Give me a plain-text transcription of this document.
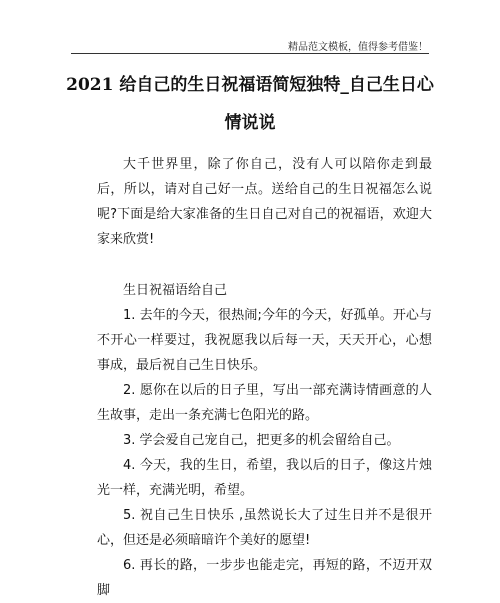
精品范文模板，值得参考借鉴！
2021 给自己的生日祝福语简短独特_自己生日心情说说

大千世界里，除了你自己，没有人可以陪你走到最后，所以，请对自己好一点。送给自己的生日祝福怎么说呢?下面是给大家准备的生日自己对自己的祝福语，欢迎大家来欣赏!

生日祝福语给自己

1. 去年的今天，很热闹;今年的今天，好孤单。开心与不开心一样要过，我祝愿我以后每一天，天天开心，心想事成，最后祝自己生日快乐。

2. 愿你在以后的日子里，写出一部充满诗情画意的人生故事，走出一条充满七色阳光的路。

3. 学会爱自己宠自己，把更多的机会留给自己。

4. 今天，我的生日，希望，我以后的日子，像这片烛光一样，充满光明，希望。

5. 祝自己生日快乐 ,虽然说长大了过生日并不是很开心，但还是必须暗暗许个美好的愿望!

6. 再长的路，一步步也能走完，再短的路，不迈开双脚
